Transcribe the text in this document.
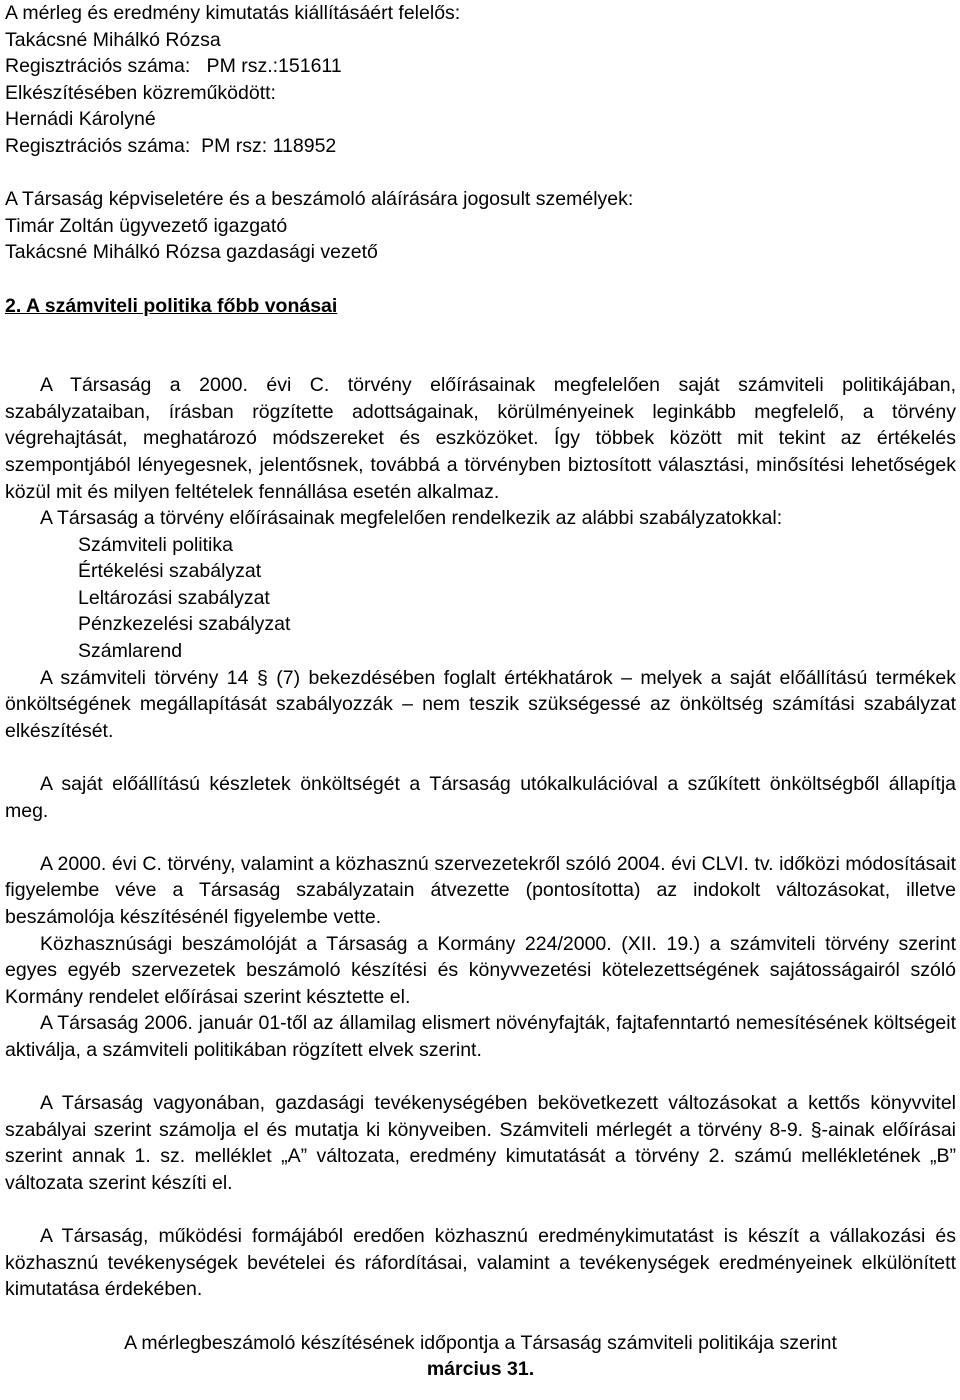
A mérleg és eredmény kimutatás kiállításáért felelős:
Takácsné Mihálkó Rózsa
Regisztrációs száma:   PM rsz.:151611
Elkészítésében közreműködött:
Hernádi Károlyné
Regisztrációs száma:  PM rsz: 118952
A Társaság képviseletére és a beszámoló aláírására jogosult személyek:
Timár Zoltán ügyvezető igazgató
Takácsné Mihálkó Rózsa gazdasági vezető
2. A számviteli politika főbb vonásai

A Társaság a 2000. évi C. törvény előírásainak megfelelően saját számviteli politikájában, szabályzataiban, írásban rögzítette adottságainak, körülményeinek leginkább megfelelő, a törvény végrehajtását, meghatározó módszereket és eszközöket. Így többek között mit tekint az értékelés szempontjából lényegesnek, jelentősnek, továbbá a törvényben biztosított választási, minősítési lehetőségek közül mit és milyen feltételek fennállása esetén alkalmaz.

A Társaság a törvény előírásainak megfelelően rendelkezik az alábbi szabályzatokkal:

Számviteli politika
Értékelési szabályzat
Leltározási szabályzat
Pénzkezelési szabályzat
Számlarend

A számviteli törvény 14 § (7) bekezdésében foglalt értékhatárok – melyek a saját előállítású termékek önköltségének megállapítását szabályozzák – nem teszik szükségessé az önköltség számítási szabályzat elkészítését.

A saját előállítású készletek önköltségét a Társaság utókalkulációval a szűkített önköltségből állapítja meg.

A 2000. évi C. törvény, valamint a közhasznú szervezetekről szóló 2004. évi CLVI. tv. időközi módosításait figyelembe véve a Társaság szabályzatain átvezette (pontosította) az indokolt változásokat, illetve beszámolója készítésénél figyelembe vette.

Közhasznúsági beszámolóját a Társaság a Kormány 224/2000. (XII. 19.) a számviteli törvény szerint egyes egyéb szervezetek beszámoló készítési és könyvvezetési kötelezettségének sajátosságairól szóló Kormány rendelet előírásai szerint késztette el.

A Társaság 2006. január 01-től az államilag elismert növényfajták, fajtafenntartó nemesítésének költségeit aktiválja, a számviteli politikában rögzített elvek szerint.

A Társaság vagyonában, gazdasági tevékenységében bekövetkezett változásokat a kettős könyvvitel szabályai szerint számolja el és mutatja ki könyveiben. Számviteli mérlegét a törvény 8-9. §-ainak előírásai szerint annak 1. sz. melléklet „A” változata, eredmény kimutatását a törvény 2. számú mellékletének „B” változata szerint készíti el.

A Társaság, működési formájából eredően közhasznú eredménykimutatást is készít a vállakozási és közhasznú tevékenységek bevételei és ráfordításai, valamint a tevékenységek eredményeinek elkülönített kimutatása érdekében.

A mérlegbeszámoló készítésének időpontja a Társaság számviteli politikája szerint
március 31.
